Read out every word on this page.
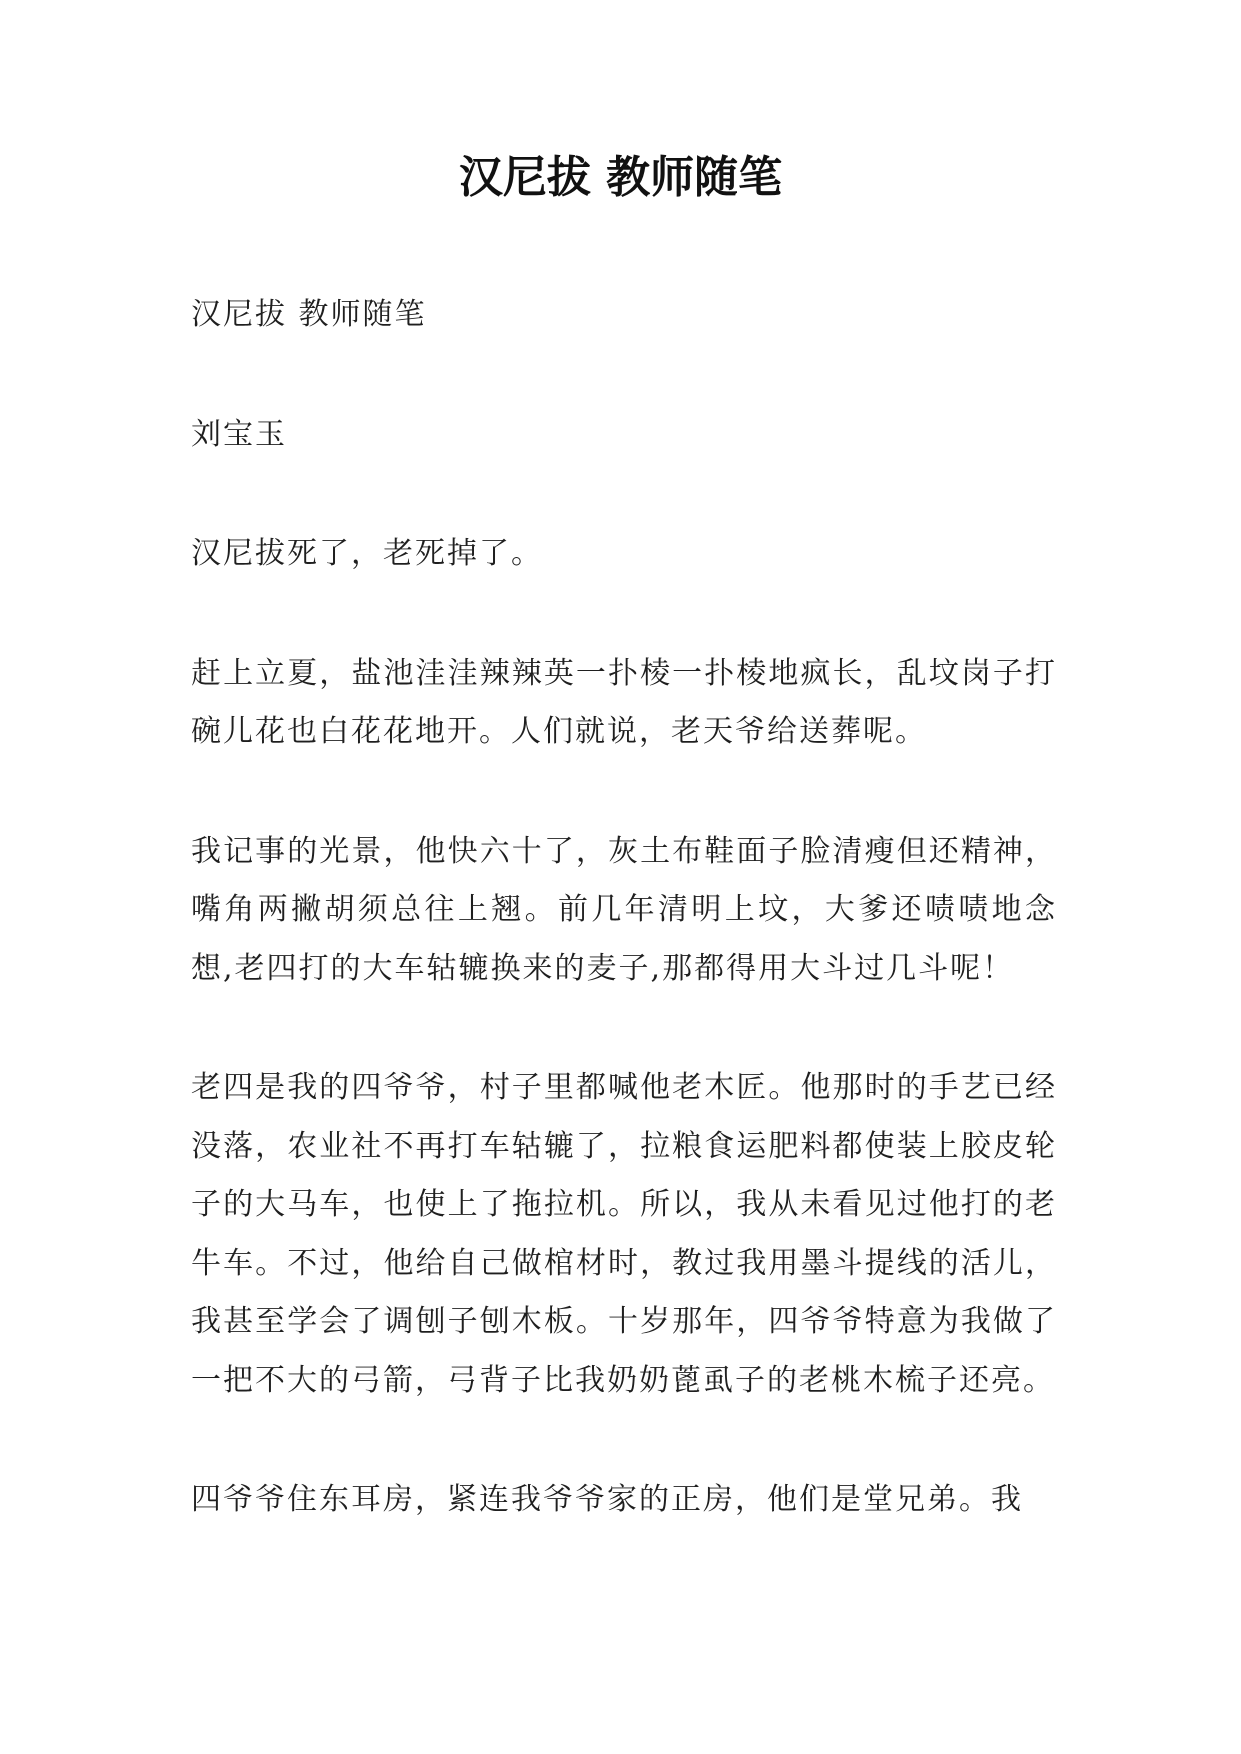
汉尼拔 教师随笔

汉尼拔 教师随笔

刘宝玉

汉尼拔死了，老死掉了。

赶上立夏，盐池洼洼辣辣英一扑棱一扑棱地疯长，乱坟岗子打碗儿花也白花花地开。人们就说，老天爷给送葬呢。

我记事的光景，他快六十了，灰土布鞋面子脸清瘦但还精神，嘴角两撇胡须总往上翘。前几年清明上坟，大爹还啧啧地念想,老四打的大车轱辘换来的麦子,那都得用大斗过几斗呢！

老四是我的四爷爷，村子里都喊他老木匠。他那时的手艺已经没落，农业社不再打车轱辘了，拉粮食运肥料都使装上胶皮轮子的大马车，也使上了拖拉机。所以，我从未看见过他打的老牛车。不过，他给自己做棺材时，教过我用墨斗提线的活儿，我甚至学会了调刨子刨木板。十岁那年，四爷爷特意为我做了一把不大的弓箭，弓背子比我奶奶蓖虱子的老桃木梳子还亮。

四爷爷住东耳房，紧连我爷爷家的正房，他们是堂兄弟。我
